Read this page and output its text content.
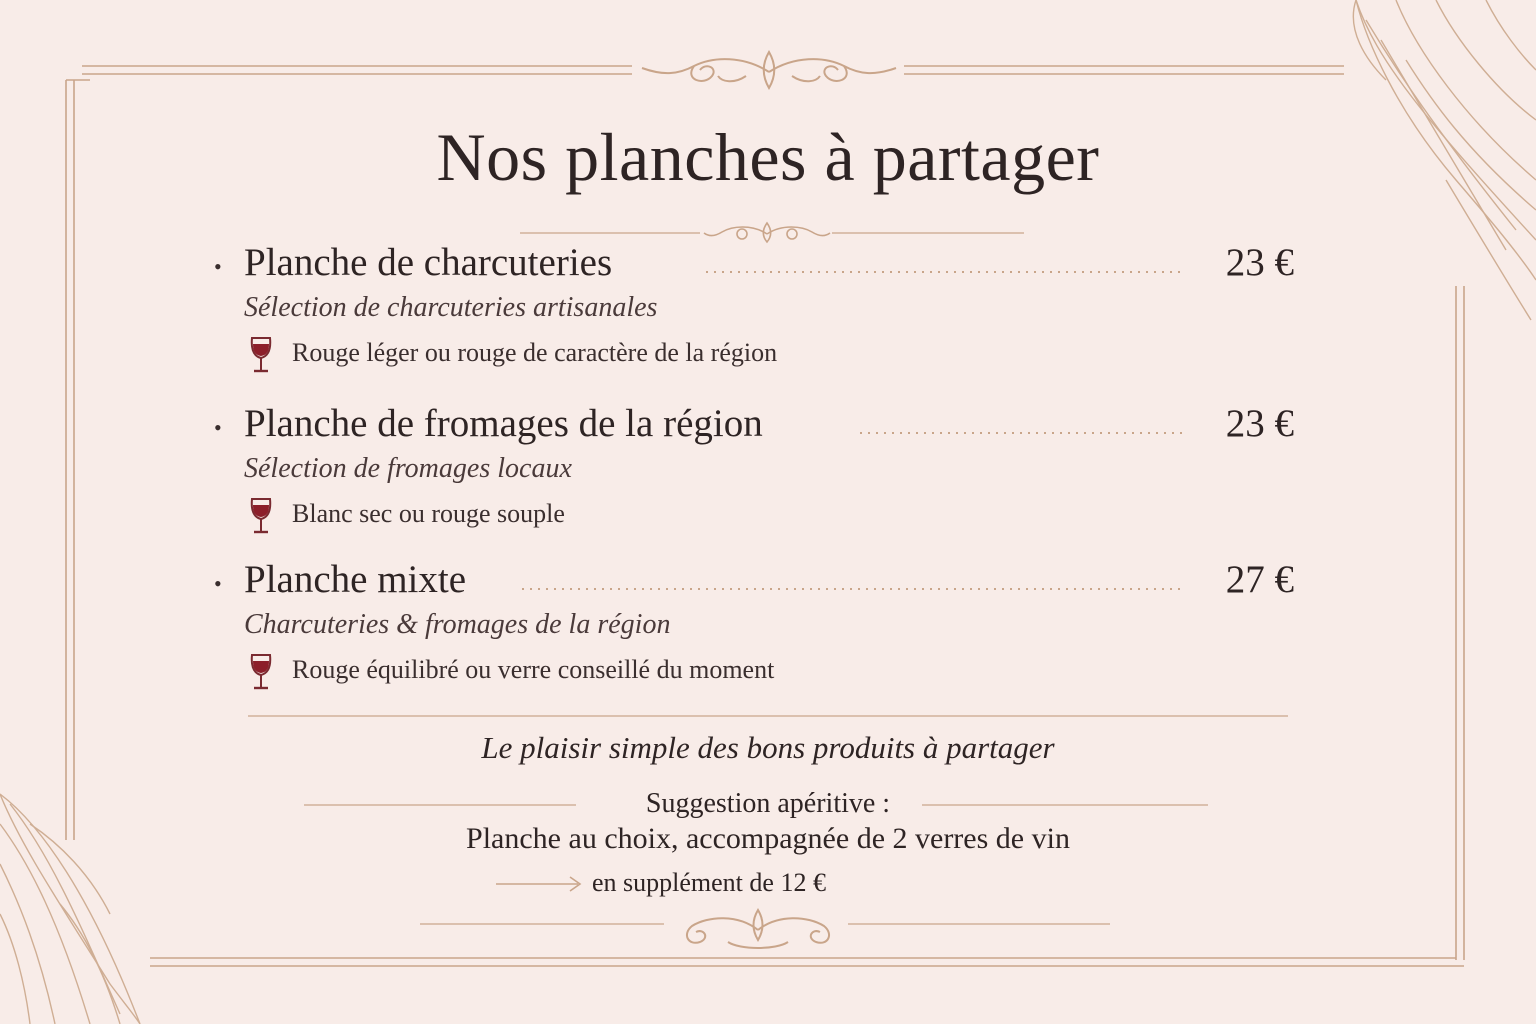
Nos planches à partager
• Planche de charcuteries	23 €
Sélection de charcuteries artisanales
Rouge léger ou rouge de caractère de la région
• Planche de fromages de la région	23 €
Sélection de fromages locaux
Blanc sec ou rouge souple
• Planche mixte	27 €
Charcuteries & fromages de la région
Rouge équilibré ou verre conseillé du moment
Le plaisir simple des bons produits à partager
Suggestion apéritive :
Planche au choix, accompagnée de 2 verres de vin
en supplément de 12 €
